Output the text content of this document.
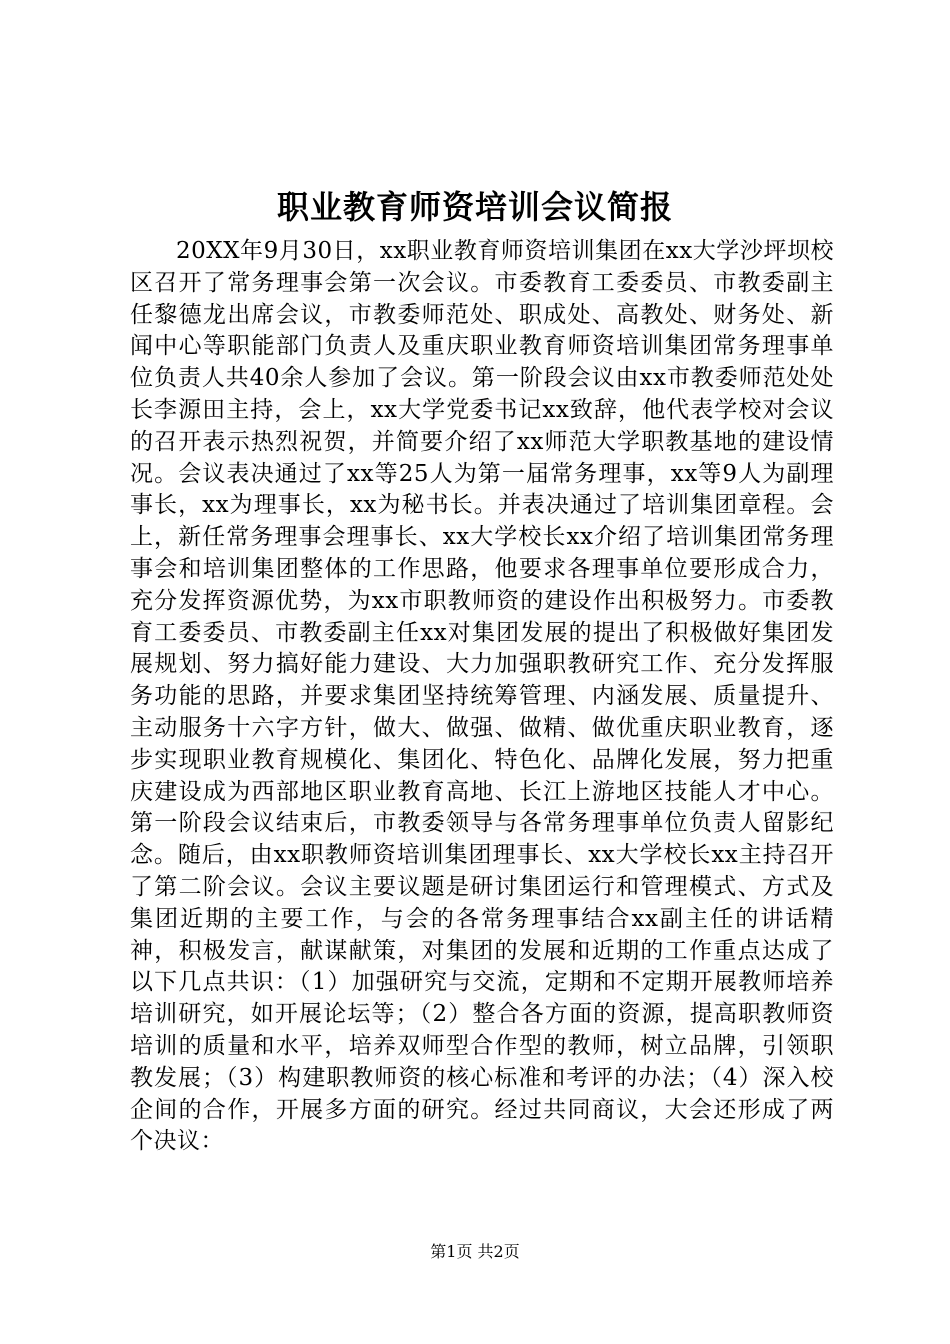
职业教育师资培训会议简报

20XX年9月30日，xx职业教育师资培训集团在xx大学沙坪坝校区召开了常务理事会第一次会议。市委教育工委委员、市教委副主任黎德龙出席会议，市教委师范处、职成处、高教处、财务处、新闻中心等职能部门负责人及重庆职业教育师资培训集团常务理事单位负责人共40余人参加了会议。第一阶段会议由xx市教委师范处处长李源田主持，会上，xx大学党委书记xx致辞，他代表学校对会议的召开表示热烈祝贺，并简要介绍了xx师范大学职教基地的建设情况。会议表决通过了xx等25人为第一届常务理事，xx等9人为副理事长，xx为理事长，xx为秘书长。并表决通过了培训集团章程。会上，新任常务理事会理事长、xx大学校长xx介绍了培训集团常务理事会和培训集团整体的工作思路，他要求各理事单位要形成合力，充分发挥资源优势，为xx市职教师资的建设作出积极努力。市委教育工委委员、市教委副主任xx对集团发展的提出了积极做好集团发展规划、努力搞好能力建设、大力加强职教研究工作、充分发挥服务功能的思路，并要求集团坚持统筹管理、内涵发展、质量提升、主动服务十六字方针，做大、做强、做精、做优重庆职业教育，逐步实现职业教育规模化、集团化、特色化、品牌化发展，努力把重庆建设成为西部地区职业教育高地、长江上游地区技能人才中心。第一阶段会议结束后，市教委领导与各常务理事单位负责人留影纪念。随后，由xx职教师资培训集团理事长、xx大学校长xx主持召开了第二阶会议。会议主要议题是研讨集团运行和管理模式、方式及集团近期的主要工作，与会的各常务理事结合xx副主任的讲话精神，积极发言，献谋献策，对集团的发展和近期的工作重点达成了以下几点共识：（1）加强研究与交流，定期和不定期开展教师培养培训研究，如开展论坛等；（2）整合各方面的资源，提高职教师资培训的质量和水平，培养双师型合作型的教师，树立品牌，引领职教发展；（3）构建职教师资的核心标准和考评的办法；（4）深入校企间的合作，开展多方面的研究。经过共同商议，大会还形成了两个决议：

第1页 共2页
